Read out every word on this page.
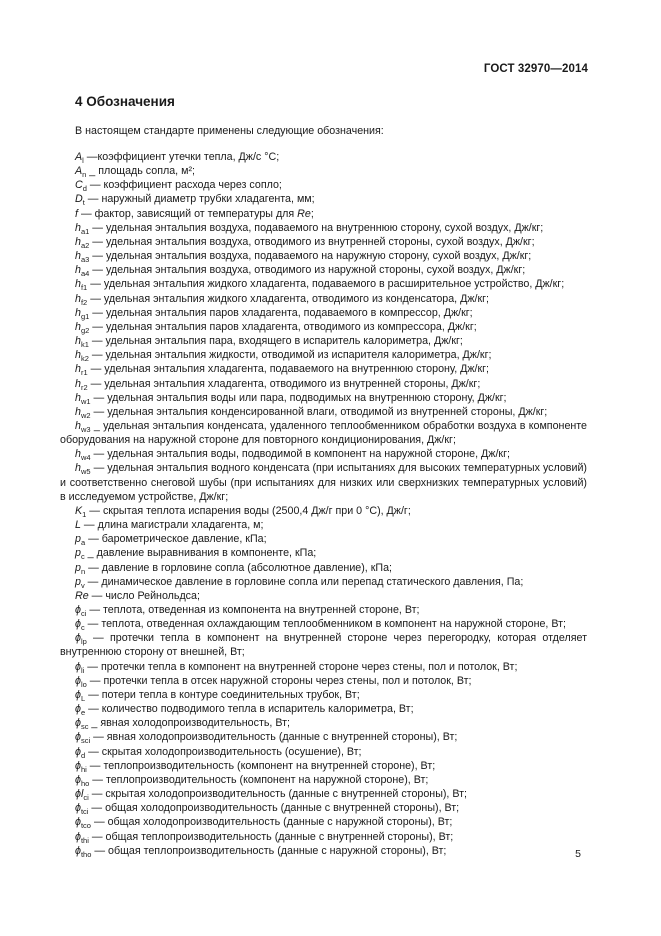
ГОСТ 32970—2014
4 Обозначения

В настоящем стандарте применены следующие обозначения:

$A_l$ —коэффициент утечки тепла, Дж/с °С;

$A_n$ _ площадь сопла, м²;

$C_d$ — коэффициент расхода через сопло;

$D_t$ — наружный диаметр трубки хладагента, мм;

f — фактор, зависящий от температуры для Re;

$h_{a1}$ — удельная энтальпия воздуха, подаваемого на внутреннюю сторону, сухой воздух, Дж/кг;

$h_{a2}$ — удельная энтальпия воздуха, отводимого из внутренней стороны, сухой воздух, Дж/кг;

$h_{a3}$ — удельная энтальпия воздуха, подаваемого на наружную сторону, сухой воздух, Дж/кг;

$h_{a4}$ — удельная энтальпия воздуха, отводимого из наружной стороны, сухой воздух, Дж/кг;

$h_{f1}$ — удельная энтальпия жидкого хладагента, подаваемого в расширительное устройство, Дж/кг;

$h_{f2}$ — удельная энтальпия жидкого хладагента, отводимого из конденсатора, Дж/кг;

$h_{g1}$ — удельная энтальпия паров хладагента, подаваемого в компрессор, Дж/кг;

$h_{g2}$ — удельная энтальпия паров хладагента, отводимого из компрессора, Дж/кг;

$h_{k1}$ — удельная энтальпия пара, входящего в испаритель калориметра, Дж/кг;

$h_{k2}$ — удельная энтальпия жидкости, отводимой из испарителя калориметра, Дж/кг;

$h_{r1}$ — удельная энтальпия хладагента, подаваемого на внутреннюю сторону, Дж/кг;

$h_{r2}$ — удельная энтальпия хладагента, отводимого из внутренней стороны, Дж/кг;

$h_{w1}$ — удельная энтальпия воды или пара, подводимых на внутреннюю сторону, Дж/кг;

$h_{w2}$ — удельная энтальпия конденсированной влаги, отводимой из внутренней стороны, Дж/кг;

$h_{w3}$ _ удельная энтальпия конденсата, удаленного теплообменником обработки воздуха в компоненте оборудования на наружной стороне для повторного кондиционирования, Дж/кг;

$h_{w4}$ — удельная энтальпия воды, подводимой в компонент на наружной стороне, Дж/кг;

$h_{w5}$ — удельная энтальпия водного конденсата (при испытаниях для высоких температурных условий) и соответственно снеговой шубы (при испытаниях для низких или сверхнизких температурных условий) в исследуемом устройстве, Дж/кг;

$K_1$ — скрытая теплота испарения воды (2500,4 Дж/г при 0 °С), Дж/г;

L — длина магистрали хладагента, м;

$p_a$ — барометрическое давление, кПа;

$p_c$ _ давление выравнивания в компоненте, кПа;

$p_n$ — давление в горловине сопла (абсолютное давление), кПа;

$p_v$ — динамическое давление в горловине сопла или перепад статического давления, Па;

Re — число Рейнольдса;

$\phi_{ci}$ — теплота, отведенная из компонента на внутренней стороне, Вт;

$\phi_c$ — теплота, отведенная охлаждающим теплообменником в компонент на наружной стороне, Вт;

$\phi_{lp}$ — протечки тепла в компонент на внутренней стороне через перегородку, которая отделяет внутреннюю сторону от внешней, Вт;

$\phi_{li}$ — протечки тепла в компонент на внутренней стороне через стены, пол и потолок, Вт;

$\phi_{lo}$ — протечки тепла в отсек наружной стороны через стены, пол и потолок, Вт;

$\phi_L$ — потери тепла в контуре соединительных трубок, Вт;

$\phi_e$ — количество подводимого тепла в испаритель калориметра, Вт;

$\phi_{sc}$ _ явная холодопроизводительность, Вт;

$\phi_{sci}$ — явная холодопроизводительность (данные с внутренней стороны), Вт;

$\phi_d$ — скрытая холодопроизводительность (осушение), Вт;

$\phi_{hi}$ — теплопроизводительность (компонент на внутренней стороне), Вт;

$\phi_{ho}$ — теплопроизводительность (компонент на наружной стороне), Вт;

$\phi l_{ci}$ — скрытая холодопроизводительность (данные с внутренней стороны), Вт;

$\phi_{tci}$ — общая холодопроизводительность (данные с внутренней стороны), Вт;

$\phi_{tco}$ — общая холодопроизводительность (данные с наружной стороны), Вт;

$\phi_{thi}$ — общая теплопроизводительность (данные с внутренней стороны), Вт;

$\phi_{tho}$ — общая теплопроизводительность (данные с наружной стороны), Вт;	5
